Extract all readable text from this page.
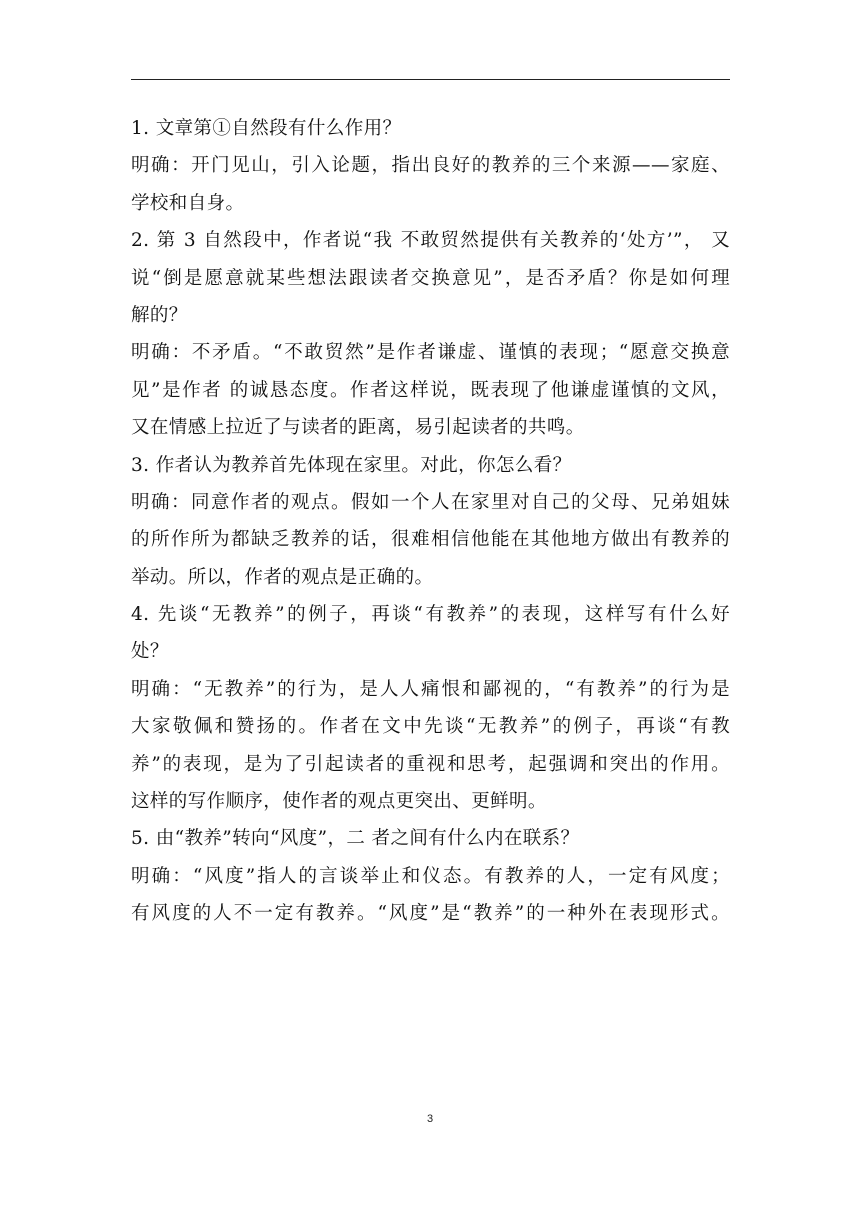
1. 文章第①自然段有什么作用？
明确：开门见山，引入论题，指出良好的教养的三个来源——家庭、
学校和自身。
2. 第 3 自然段中，作者说“我 不敢贸然提供有关教养的‘处方’”， 又
说“倒是愿意就某些想法跟读者交换意见”，是否矛盾？你是如何理
解的？
明确：不矛盾。“不敢贸然”是作者谦虚、谨慎的表现；“愿意交换意
见”是作者 的诚恳态度。作者这样说，既表现了他谦虚谨慎的文风，
又在情感上拉近了与读者的距离，易引起读者的共鸣。
3. 作者认为教养首先体现在家里。对此，你怎么看？
明确：同意作者的观点。假如一个人在家里对自己的父母、兄弟姐妹
的所作所为都缺乏教养的话，很难相信他能在其他地方做出有教养的
举动。所以，作者的观点是正确的。
4. 先谈“无教养”的例子，再谈“有教养”的表现，这样写有什么好
处？
明确：“无教养”的行为，是人人痛恨和鄙视的，“有教养”的行为是
大家敬佩和赞扬的。作者在文中先谈“无教养”的例子，再谈“有教
养”的表现，是为了引起读者的重视和思考，起强调和突出的作用。
这样的写作顺序，使作者的观点更突出、更鲜明。
5. 由“教养”转向“风度”，二 者之间有什么内在联系？
明确：“风度”指人的言谈举止和仪态。有教养的人，一定有风度；
有风度的人不一定有教养。“风度”是“教养”的一种外在表现形式。
3
